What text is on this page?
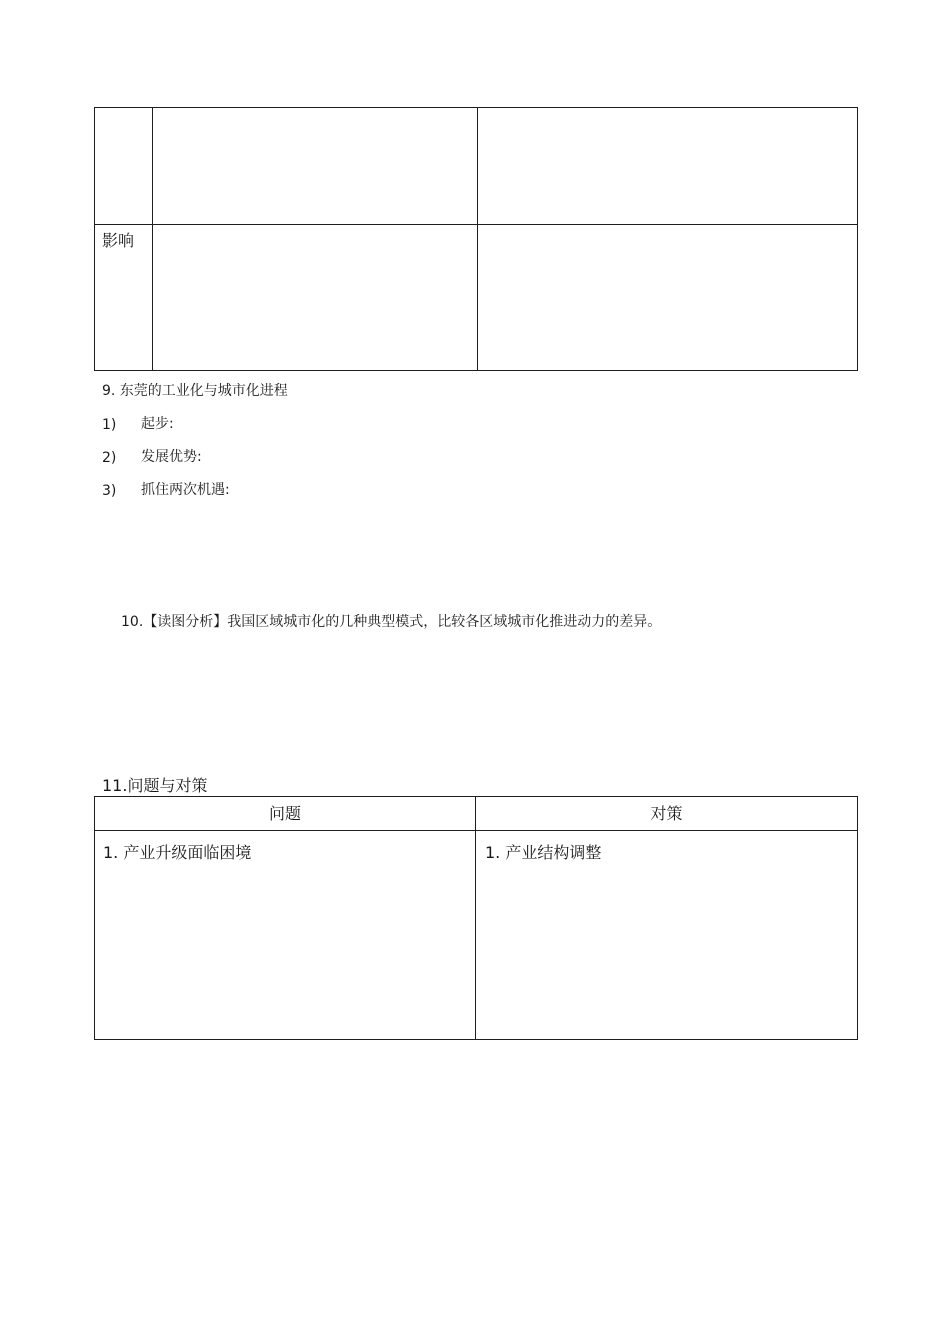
影响
9. 东莞的工业化与城市化进程
1) 起步:
2) 发展优势:
3) 抓住两次机遇:
10.【读图分析】我国区域城市化的几种典型模式，比较各区域城市化推进动力的差异。
11.问题与对策
问题	对策
1. 产业升级面临困境	1. 产业结构调整
